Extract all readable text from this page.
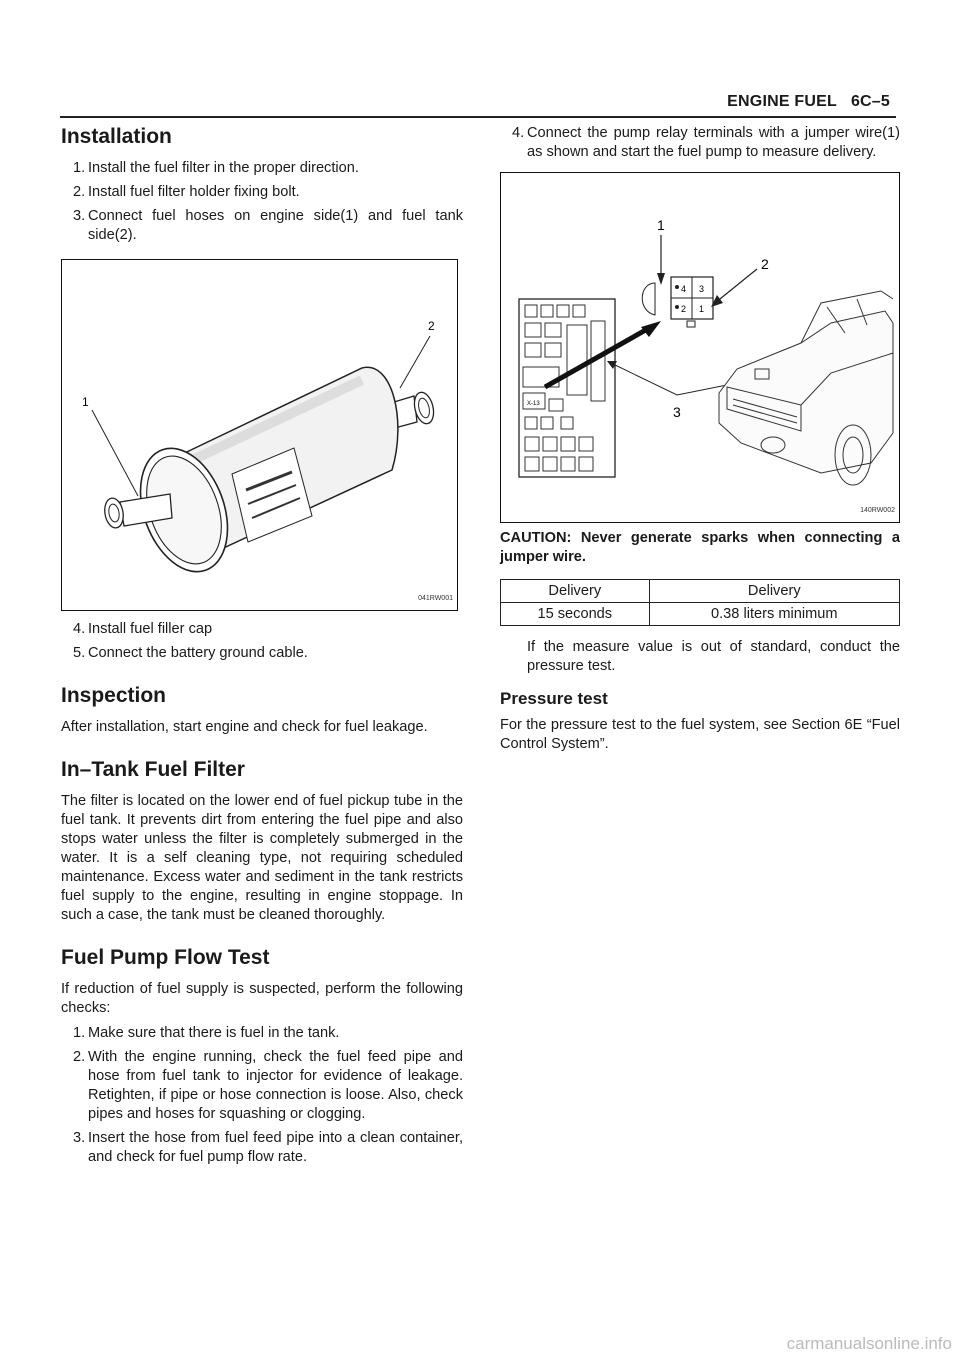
ENGINE FUEL 6C–5
Installation
1. Install the fuel filter in the proper direction.
2. Install fuel filter holder fixing bolt.
3. Connect fuel hoses on engine side(1) and fuel tank side(2).
1
2
041RW001
4. Install fuel filler cap
5. Connect the battery ground cable.
Inspection

After installation, start engine and check for fuel leakage.

In–Tank Fuel Filter

The filter is located on the lower end of fuel pickup tube in the fuel tank. It prevents dirt from entering the fuel pipe and also stops water unless the filter is completely submerged in the water. It is a self cleaning type, not requiring scheduled maintenance. Excess water and sediment in the tank restricts fuel supply to the engine, resulting in engine stoppage. In such a case, the tank must be cleaned thoroughly.

Fuel Pump Flow Test

If reduction of fuel supply is suspected, perform the following checks:

1. Make sure that there is fuel in the tank.
2. With the engine running, check the fuel feed pipe and hose from fuel tank to injector for evidence of leakage. Retighten, if pipe or hose connection is loose. Also, check pipes and hoses for squashing or clogging.
3. Insert the hose from fuel feed pipe into a clean container, and check for fuel pump flow rate.
4. Connect the pump relay terminals with a jumper wire(1) as shown and start the fuel pump to measure delivery.
X-13
4 3
2 1
1
2
3
140RW002

CAUTION: Never generate sparks when connecting a jumper wire.

Delivery	Delivery
15 seconds	0.38 liters minimum

If the measure value is out of standard, conduct the pressure test.

Pressure test

For the pressure test to the fuel system, see Section 6E “Fuel Control System”.

carmanualsonline.info
